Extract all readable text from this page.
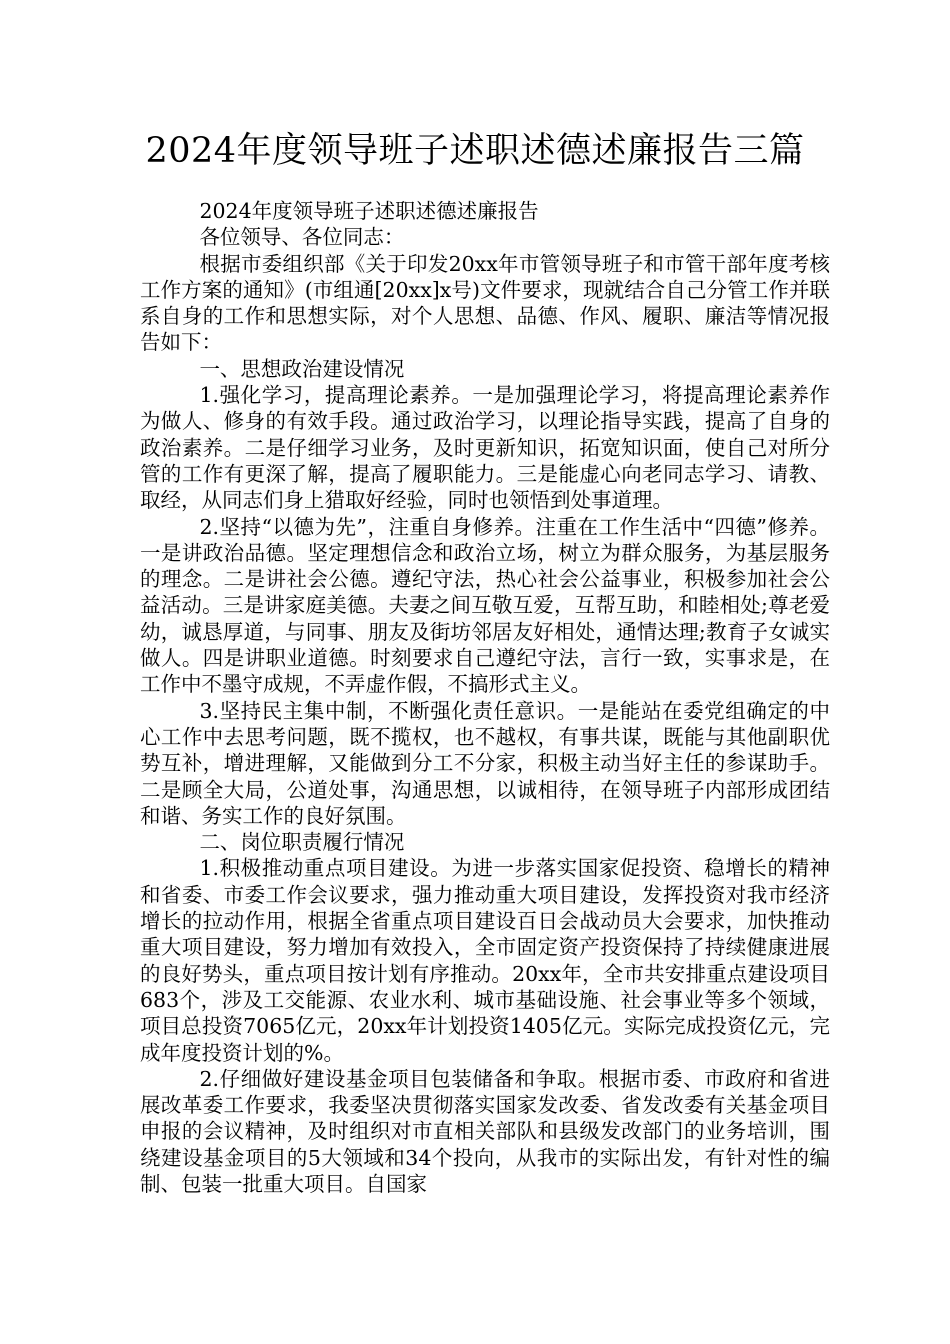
2024年度领导班子述职述德述廉报告三篇

2024年度领导班子述职述德述廉报告

各位领导、各位同志：

根据市委组织部《关于印发20xx年市管领导班子和市管干部年度考核工作方案的通知》(市组通[20xx]x号)文件要求，现就结合自己分管工作并联系自身的工作和思想实际，对个人思想、品德、作风、履职、廉洁等情况报告如下：

一、思想政治建设情况

1.强化学习，提高理论素养。一是加强理论学习，将提高理论素养作为做人、修身的有效手段。通过政治学习，以理论指导实践，提高了自身的政治素养。二是仔细学习业务，及时更新知识，拓宽知识面，使自己对所分管的工作有更深了解，提高了履职能力。三是能虚心向老同志学习、请教、取经，从同志们身上猎取好经验，同时也领悟到处事道理。

2.坚持“以德为先”，注重自身修养。注重在工作生活中“四德”修养。一是讲政治品德。坚定理想信念和政治立场，树立为群众服务，为基层服务的理念。二是讲社会公德。遵纪守法，热心社会公益事业，积极参加社会公益活动。三是讲家庭美德。夫妻之间互敬互爱，互帮互助，和睦相处;尊老爱幼，诚恳厚道，与同事、朋友及街坊邻居友好相处，通情达理;教育子女诚实做人。四是讲职业道德。时刻要求自己遵纪守法，言行一致，实事求是，在工作中不墨守成规，不弄虚作假，不搞形式主义。

3.坚持民主集中制，不断强化责任意识。一是能站在委党组确定的中心工作中去思考问题，既不揽权，也不越权，有事共谋，既能与其他副职优势互补，增进理解，又能做到分工不分家，积极主动当好主任的参谋助手。二是顾全大局，公道处事，沟通思想，以诚相待，在领导班子内部形成团结和谐、务实工作的良好氛围。

二、岗位职责履行情况

1.积极推动重点项目建设。为进一步落实国家促投资、稳增长的精神和省委、市委工作会议要求，强力推动重大项目建设，发挥投资对我市经济增长的拉动作用，根据全省重点项目建设百日会战动员大会要求，加快推动重大项目建设，努力增加有效投入，全市固定资产投资保持了持续健康进展的良好势头，重点项目按计划有序推动。20xx年，全市共安排重点建设项目683个，涉及工交能源、农业水利、城市基础设施、社会事业等多个领域，项目总投资7065亿元，20xx年计划投资1405亿元。实际完成投资亿元，完成年度投资计划的%。

2.仔细做好建设基金项目包装储备和争取。根据市委、市政府和省进展改革委工作要求，我委坚决贯彻落实国家发改委、省发改委有关基金项目申报的会议精神，及时组织对市直相关部队和县级发改部门的业务培训，围绕建设基金项目的5大领域和34个投向，从我市的实际出发，有针对性的编制、包装一批重大项目。自国家
